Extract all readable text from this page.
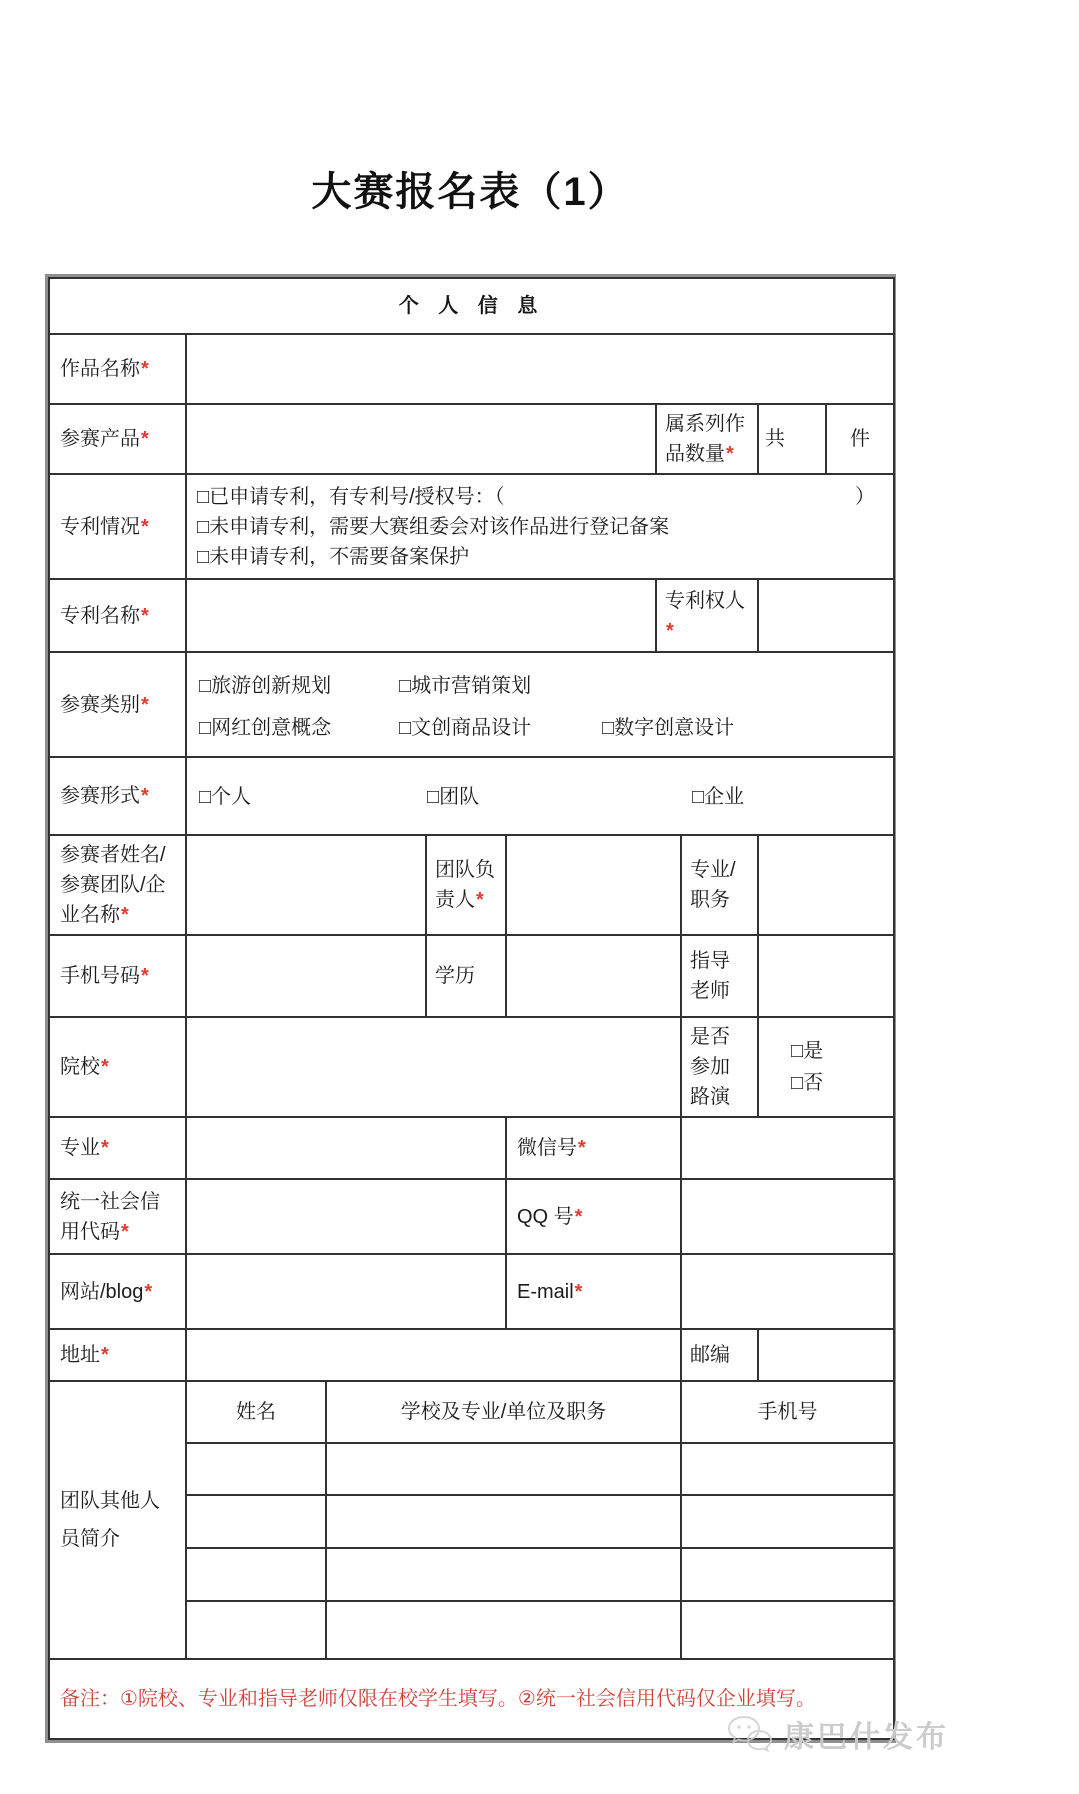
大赛报名表（1）
个 人 信 息								
作品名称*								
参赛产品*					属系列作品数量*		共	件
专利情况*	□已申请专利，有专利号/授权号：（ ）
□未申请专利，需要大赛组委会对该作品进行登记备案
□未申请专利，不需要备案保护							

专利名称*					专利权人*			
参赛类别*	□旅游创新规划 □城市营销策划
□网红创意概念 □文创商品设计 □数字创意设计							

参赛形式*	□个人 □团队 □企业							

参赛者姓名/参赛团队/企业名称*			团队负责人*			专业/职务		
手机号码*			学历			指导老师		
院校*						是否参加路演	□是
□否	

专业*				微信号*				
统一社会信用代码*				QQ 号*				
网站/blog*				E-mail*				
地址*						邮编		
团队其他人员简介	姓名	学校及专业/单位及职务				手机号		

备注：①院校、专业和指导老师仅限在校学生填写。②统一社会信用代码仅企业填写。								
康巴什发布
